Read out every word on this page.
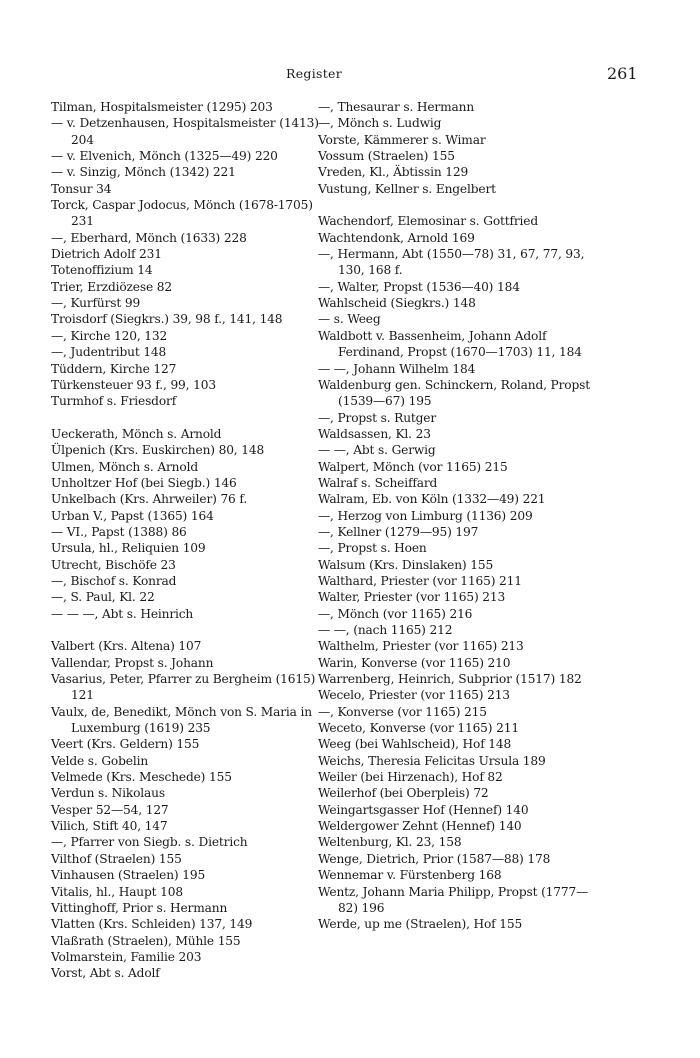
Register	261
Tilman, Hospitalsmeister (1295) 203
— v. Detzenhausen, Hospitalsmeister (1413) 204
— v. Elvenich, Mönch (1325—49) 220
— v. Sinzig, Mönch (1342) 221
Tonsur 34
Torck, Caspar Jodocus, Mönch (1678-1705) 231
—, Eberhard, Mönch (1633) 228
Dietrich Adolf 231
Totenoffizium 14
Trier, Erzdiözese 82
—, Kurfürst 99
Troisdorf (Siegkrs.) 39, 98 f., 141, 148
—, Kirche 120, 132
—, Judentribut 148
Tüddern, Kirche 127
Türkensteuer 93 f., 99, 103
Turmhof s. Friesdorf
Ueckerath, Mönch s. Arnold
Ülpenich (Krs. Euskirchen) 80, 148
Ulmen, Mönch s. Arnold
Unholtzer Hof (bei Siegb.) 146
Unkelbach (Krs. Ahrweiler) 76 f.
Urban V., Papst (1365) 164
— VI., Papst (1388) 86
Ursula, hl., Reliquien 109
Utrecht, Bischöfe 23
—, Bischof s. Konrad
—, S. Paul, Kl. 22
— — —, Abt s. Heinrich
Valbert (Krs. Altena) 107
Vallendar, Propst s. Johann
Vasarius, Peter, Pfarrer zu Bergheim (1615) 121
Vaulx, de, Benedikt, Mönch von S. Maria in Luxemburg (1619) 235
Veert (Krs. Geldern) 155
Velde s. Gobelin
Velmede (Krs. Meschede) 155
Verdun s. Nikolaus
Vesper 52—54, 127
Vilich, Stift 40, 147
—, Pfarrer von Siegb. s. Dietrich
Vilthof (Straelen) 155
Vinhausen (Straelen) 195
Vitalis, hl., Haupt 108
Vittinghoff, Prior s. Hermann
Vlatten (Krs. Schleiden) 137, 149
Vlaßrath (Straelen), Mühle 155
Volmarstein, Familie 203
Vorst, Abt s. Adolf
—, Thesaurar s. Hermann
—, Mönch s. Ludwig
Vorste, Kämmerer s. Wimar
Vossum (Straelen) 155
Vreden, Kl., Äbtissin 129
Vustung, Kellner s. Engelbert
Wachendorf, Elemosinar s. Gottfried
Wachtendonk, Arnold 169
—, Hermann, Abt (1550—78) 31, 67, 77, 93, 130, 168 f.
—, Walter, Propst (1536—40) 184
Wahlscheid (Siegkrs.) 148
— s. Weeg
Waldbott v. Bassenheim, Johann Adolf Ferdinand, Propst (1670—1703) 11, 184
— —, Johann Wilhelm 184
Waldenburg gen. Schinckern, Roland, Propst (1539—67) 195
—, Propst s. Rutger
Waldsassen, Kl. 23
— —, Abt s. Gerwig
Walpert, Mönch (vor 1165) 215
Walraf s. Scheiffard
Walram, Eb. von Köln (1332—49) 221
—, Herzog von Limburg (1136) 209
—, Kellner (1279—95) 197
—, Propst s. Hoen
Walsum (Krs. Dinslaken) 155
Walthard, Priester (vor 1165) 211
Walter, Priester (vor 1165) 213
—, Mönch (vor 1165) 216
— —, (nach 1165) 212
Walthelm, Priester (vor 1165) 213
Warin, Konverse (vor 1165) 210
Warrenberg, Heinrich, Subprior (1517) 182
Wecelo, Priester (vor 1165) 213
—, Konverse (vor 1165) 215
Weceto, Konverse (vor 1165) 211
Weeg (bei Wahlscheid), Hof 148
Weichs, Theresia Felicitas Ursula 189
Weiler (bei Hirzenach), Hof 82
Weilerhof (bei Oberpleis) 72
Weingartsgasser Hof (Hennef) 140
Weldergower Zehnt (Hennef) 140
Weltenburg, Kl. 23, 158
Wenge, Dietrich, Prior (1587—88) 178
Wennemar v. Fürstenberg 168
Wentz, Johann Maria Philipp, Propst (1777—82) 196
Werde, up me (Straelen), Hof 155
